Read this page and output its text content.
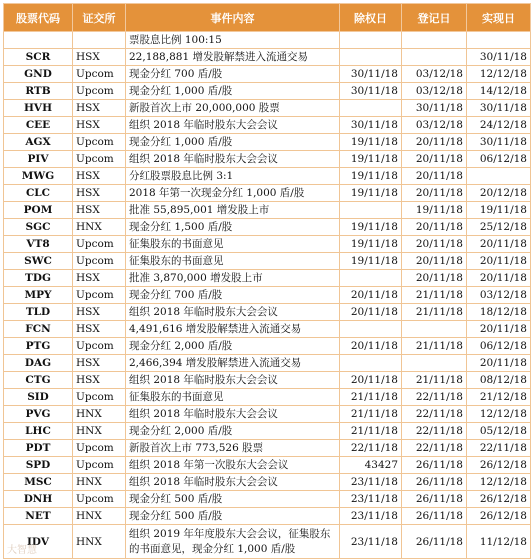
股票代码	证交所	事件内容	除权日	登记日	实现日
		票股息比例 100:15			
SCR	HSX	22,188,881 增发股解禁进入流通交易			30/11/18
GND	Upcom	现金分红 700 盾/股	30/11/18	03/12/18	12/12/18
RTB	Upcom	现金分红 1,000 盾/股	30/11/18	03/12/18	14/12/18
HVH	HSX	新股首次上市 20,000,000 股票		30/11/18	30/11/18
CEE	HSX	组织 2018 年临时股东大会会议	30/11/18	03/12/18	24/12/18
AGX	Upcom	现金分红 1,000 盾/股	19/11/18	20/11/18	30/11/18
PIV	Upcom	组织 2018 年临时股东大会会议	19/11/18	20/11/18	06/12/18
MWG	HSX	分红股票股息比例 3:1	19/11/18	20/11/18	
CLC	HSX	2018 年第一次现金分红 1,000 盾/股	19/11/18	20/11/18	20/12/18
POM	HSX	批准 55,895,001 增发股上市		19/11/18	19/11/18
SGC	HNX	现金分红 1,500 盾/股	19/11/18	20/11/18	25/12/18
VT8	Upcom	征集股东的书面意见	19/11/18	20/11/18	20/11/18
SWC	Upcom	征集股东的书面意见	19/11/18	20/11/18	20/11/18
TDG	HSX	批准 3,870,000 增发股上市		20/11/18	20/11/18
MPY	Upcom	现金分红 700 盾/股	20/11/18	21/11/18	03/12/18
TLD	HSX	组织 2018 年临时股东大会会议	20/11/18	21/11/18	18/12/18
FCN	HSX	4,491,616 增发股解禁进入流通交易			20/11/18
PTG	Upcom	现金分红 2,000 盾/股	20/11/18	21/11/18	06/12/18
DAG	HSX	2,466,394 增发股解禁进入流通交易			20/11/18
CTG	HSX	组织 2018 年临时股东大会会议	20/11/18	21/11/18	08/12/18
SID	Upcom	征集股东的书面意见	21/11/18	22/11/18	21/12/18
PVG	HNX	组织 2018 年临时股东大会会议	21/11/18	22/11/18	12/12/18
LHC	HNX	现金分红 2,000 盾/股	21/11/18	22/11/18	05/12/18
PDT	Upcom	新股首次上市 773,526 股票	22/11/18	22/11/18	22/11/18
SPD	Upcom	组织 2018 年第一次股东大会会议	43427	26/11/18	26/12/18
MSC	HNX	组织 2018 年临时股东大会会议	23/11/18	26/11/18	12/12/18
DNH	Upcom	现金分红 500 盾/股	23/11/18	26/11/18	26/12/18
NET	HNX	现金分红 500 盾/股	23/11/18	26/11/18	26/12/18
IDV	HNX	组织 2019 年年度股东大会会议，征集股东的书面意见，现金分红 1,000 盾/股	23/11/18	26/11/18	11/12/18
大智慧
